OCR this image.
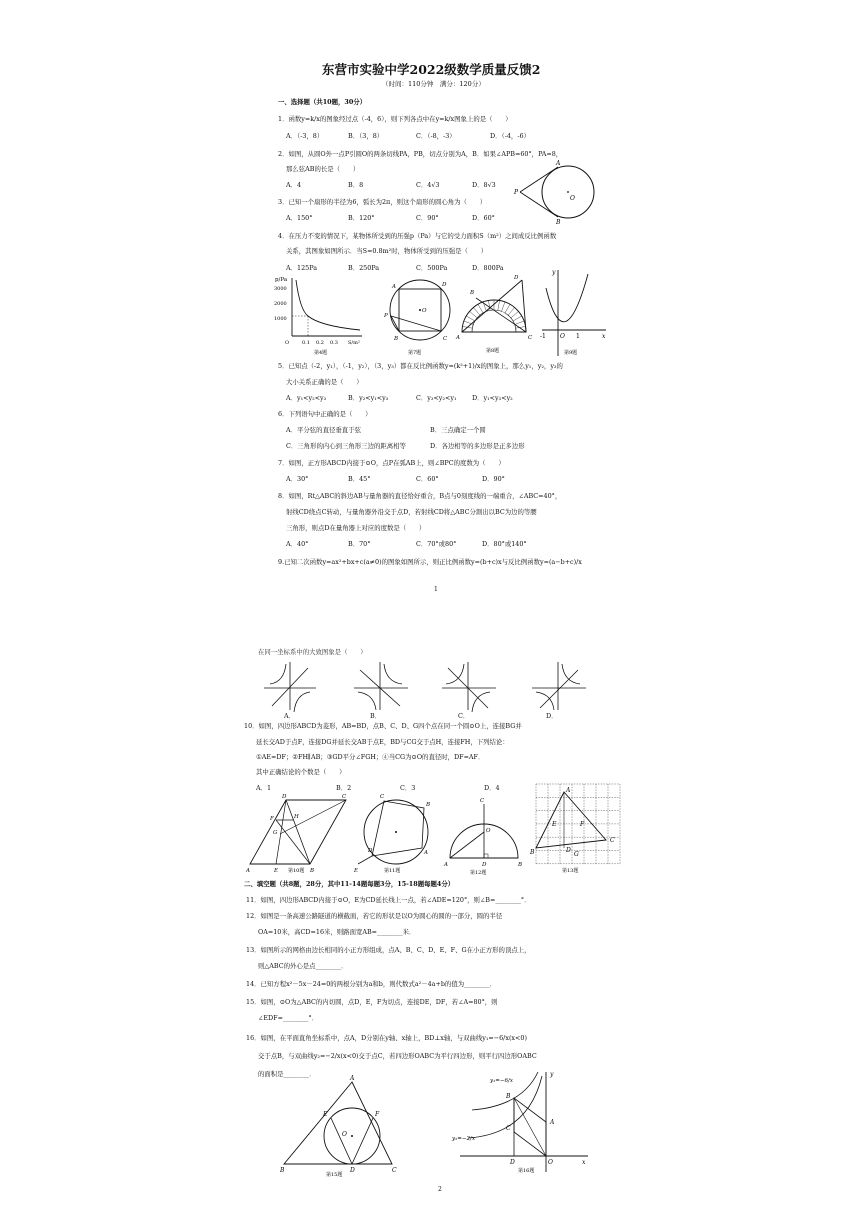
东营市实验中学2022级数学质量反馈2
（时间：110分钟　满分：120分）
一、选择题（共10题，30分）
1．函数y=k/x的图象经过点（-4，6），则下列各点中在y=k/x图象上的是（　　）
A．（-3，8）	B．（3，8）	C．（-8，-3）	D．（-4，-6）
2．如图，从圆O外一点P引圆O的两条切线PA，PB，切点分别为A，B．如果∠APB=60°，PA=8，
那么弦AB的长是（　　）
A．4	B．8	C．4√3	D．8√3
P
A
B
O
3．已知一个扇形的半径为6，弧长为2π，则这个扇形的圆心角为（　　）
A．150°	B．120°	C．90°	D．60°
4．在压力不变的情况下，某物体所受到的压强p（Pa）与它的受力面积S（m²）之间成反比例函数
关系，其图象如图所示．当S=0.8m²时，物体所受到的压强是（　　）
A．125Pa	B．250Pa	C．500Pa	D．800Pa
p/Pa
3000
2000
1000
O	0.1 0.2 0.3 S/m²
第4题
A	D
P
O
B	C
第7题
D
A
B
C
第8题
y
-1 O 1	x
第9题
5．已知点（-2，y₁），（-1，y₂），（3，y₃）都在反比例函数y=(k²+1)/x的图象上，那么y₁，y₂，y₃的
大小关系正确的是（　　）
A．y₁<y₂<y₃	B．y₂<y₁<y₃	C．y₃<y₂<y₁ D．y₁<y₃<y₂
6．下列语句中正确的是（　　）
A．平分弦的直径垂直于弦	B．三点确定一个圆
C．三角形的内心到三角形三边的距离相等	D．各边相等的多边形是正多边形
7．如图，正方形ABCD内接于⊙O，点P在弧AB上，则∠BPC的度数为（　　）
A．30°	B．45°	C．60°	D．90°
8．如图，Rt△ABC的斜边AB与量角器的直径恰好重合，B点与0刻度线的一端重合，∠ABC=40°，
射线CD绕点C转动，与量角器外沿交于点D，若射线CD将△ABC分割出以BC为边的等腰
三角形，则点D在量角器上对应的度数是（　　）
A．40°	B．70°	C．70°或80°	D．80°或140°
9.已知二次函数y=ax²+bx+c(a≠0)的图象如图所示，则正比例函数y=(b+c)x与反比例函数y=(a−b+c)/x
1
在同一坐标系中的大致图象是（　　）
A．	B．	C．	D．
10．如图，四边形ABCD为菱形，AB=BD，点B、C、D、G四个点在同一个圆⊙O上，连接BG并
延长交AD于点F，连接DG并延长交AB于点E，BD与CG交于点H，连接FH，下列结论：
①AE=DF；②FH∥AB；③GD平分∠FGH；④当CG为⊙O的直径时，DF=AF．
其中正确结论的个数是（　　）
A．1	B．2	C．3	D．4
D	C
F
G
H
A	E	B
第10题
C
B
D
E
A
第11题
C
O
A	D	B
第12题
A
E	F
B	D
G
C
第13题
二、填空题（共8题，28分，其中11-14题每题3分，15-18题每题4分）
11．如图，四边形ABCD内接于⊙O，E为CD延长线上一点，若∠ADE=120°，则∠B=________°．
12．如图是一条高速公路隧道的横截面，若它的形状是以O为圆心的圆的一部分，圆的半径
OA=10米，高CD=16米，则路面宽AB=________米．
13．如图所示的网格由边长相同的小正方形组成，点A、B、C、D、E、F、G在小正方形的顶点上，
则△ABC的外心是点________．
14．已知方程x²－5x－24=0的两根分别为a和b，则代数式a²－4a+b的值为________．
15．如图，⊙O为△ABC的内切圆，点D，E，F为切点，连接DE，DF，若∠A=80°，则
∠EDF=________°．
16．如图，在平面直角坐标系中，点A，D分别在y轴、x轴上，BD⊥x轴，与双曲线y₁=−6/x(x<0)
交于点B，与双曲线y₂=−2/x(x<0)交于点C，若四边形OABC为平行四边形，则平行四边形OABC
的面积是________．
A
E	F
O
B	D	C
第15题
y₁=−6/x
y
y₂=−2/x
B
C
A
D	O	x
第16题
2
